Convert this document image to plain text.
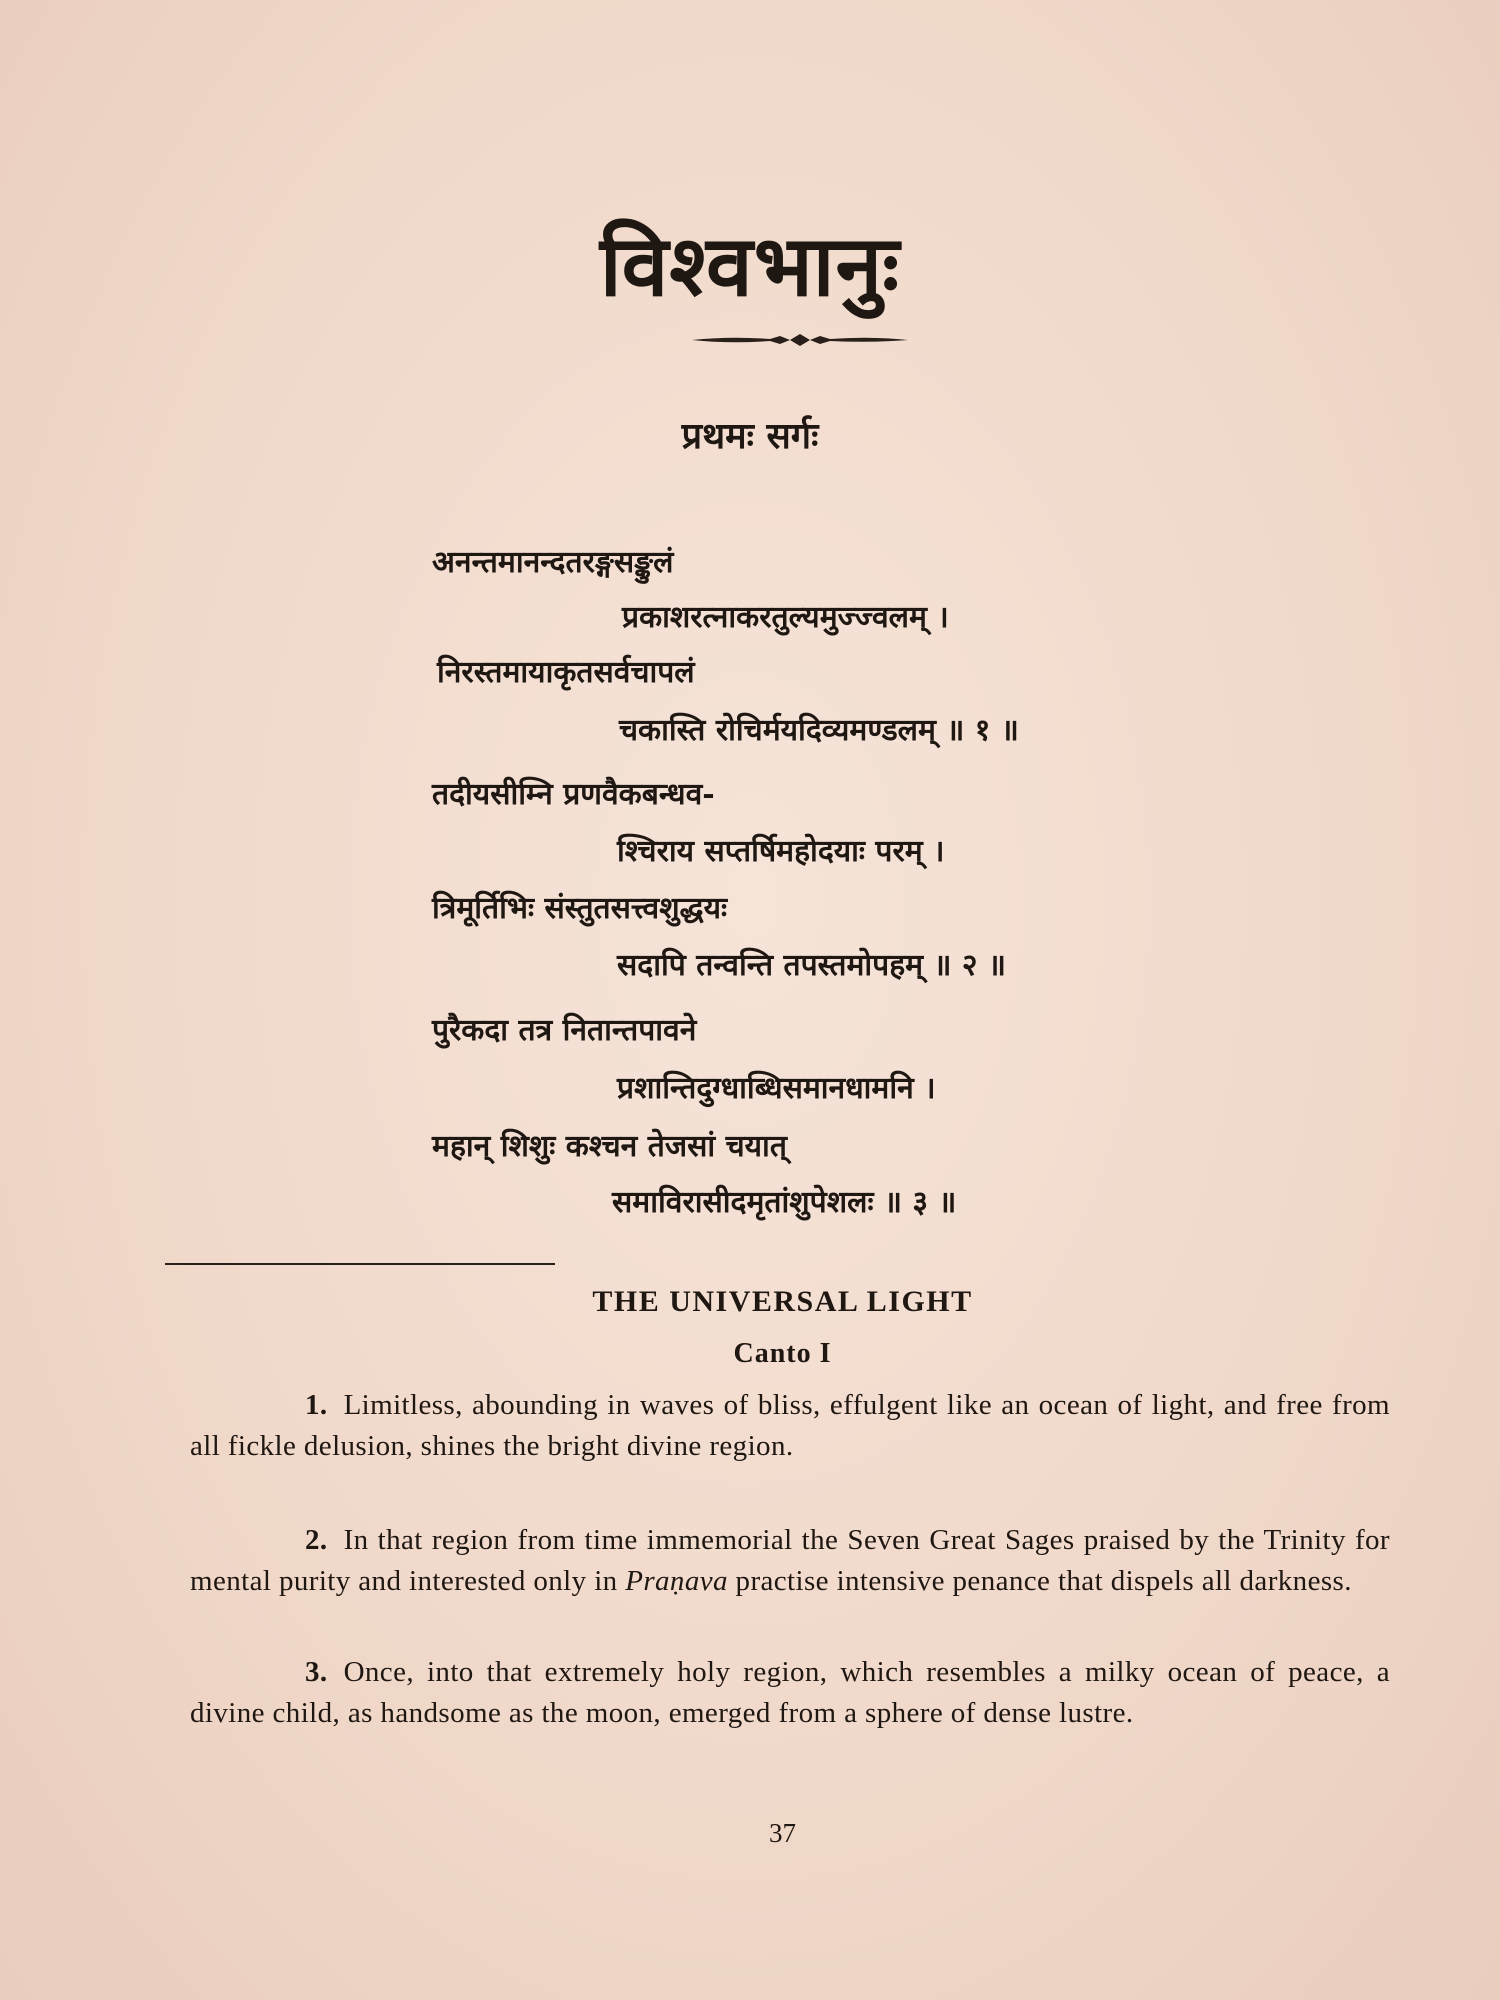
विश्वभानुः
प्रथमः सर्गः
अनन्तमानन्दतरङ्गसङ्कुलं
प्रकाशरत्नाकरतुल्यमुज्ज्वलम् ।
निरस्तमायाकृतसर्वचापलं
चकास्ति रोचिर्मयदिव्यमण्डलम् ॥ १ ॥
तदीयसीम्नि प्रणवैकबन्धव-
श्चिराय सप्तर्षिमहोदयाः परम् ।
त्रिमूर्तिभिः संस्तुतसत्त्वशुद्धयः
सदापि तन्वन्ति तपस्तमोपहम् ॥ २ ॥
पुरैकदा तत्र नितान्तपावने
प्रशान्तिदुग्धाब्धिसमानधामनि ।
महान् शिशुः कश्चन तेजसां चयात्
समाविरासीदमृतांशुपेशलः ॥ ३ ॥
THE UNIVERSAL LIGHT
Canto I

1. Limitless, abounding in waves of bliss, effulgent like an ocean of light, and free from all fickle delusion, shines the bright divine region.

2. In that region from time immemorial the Seven Great Sages praised by the Trinity for mental purity and interested only in Praṇava practise intensive penance that dispels all darkness.

3. Once, into that extremely holy region, which resembles a milky ocean of peace, a divine child, as handsome as the moon, emerged from a sphere of dense lustre.

37
